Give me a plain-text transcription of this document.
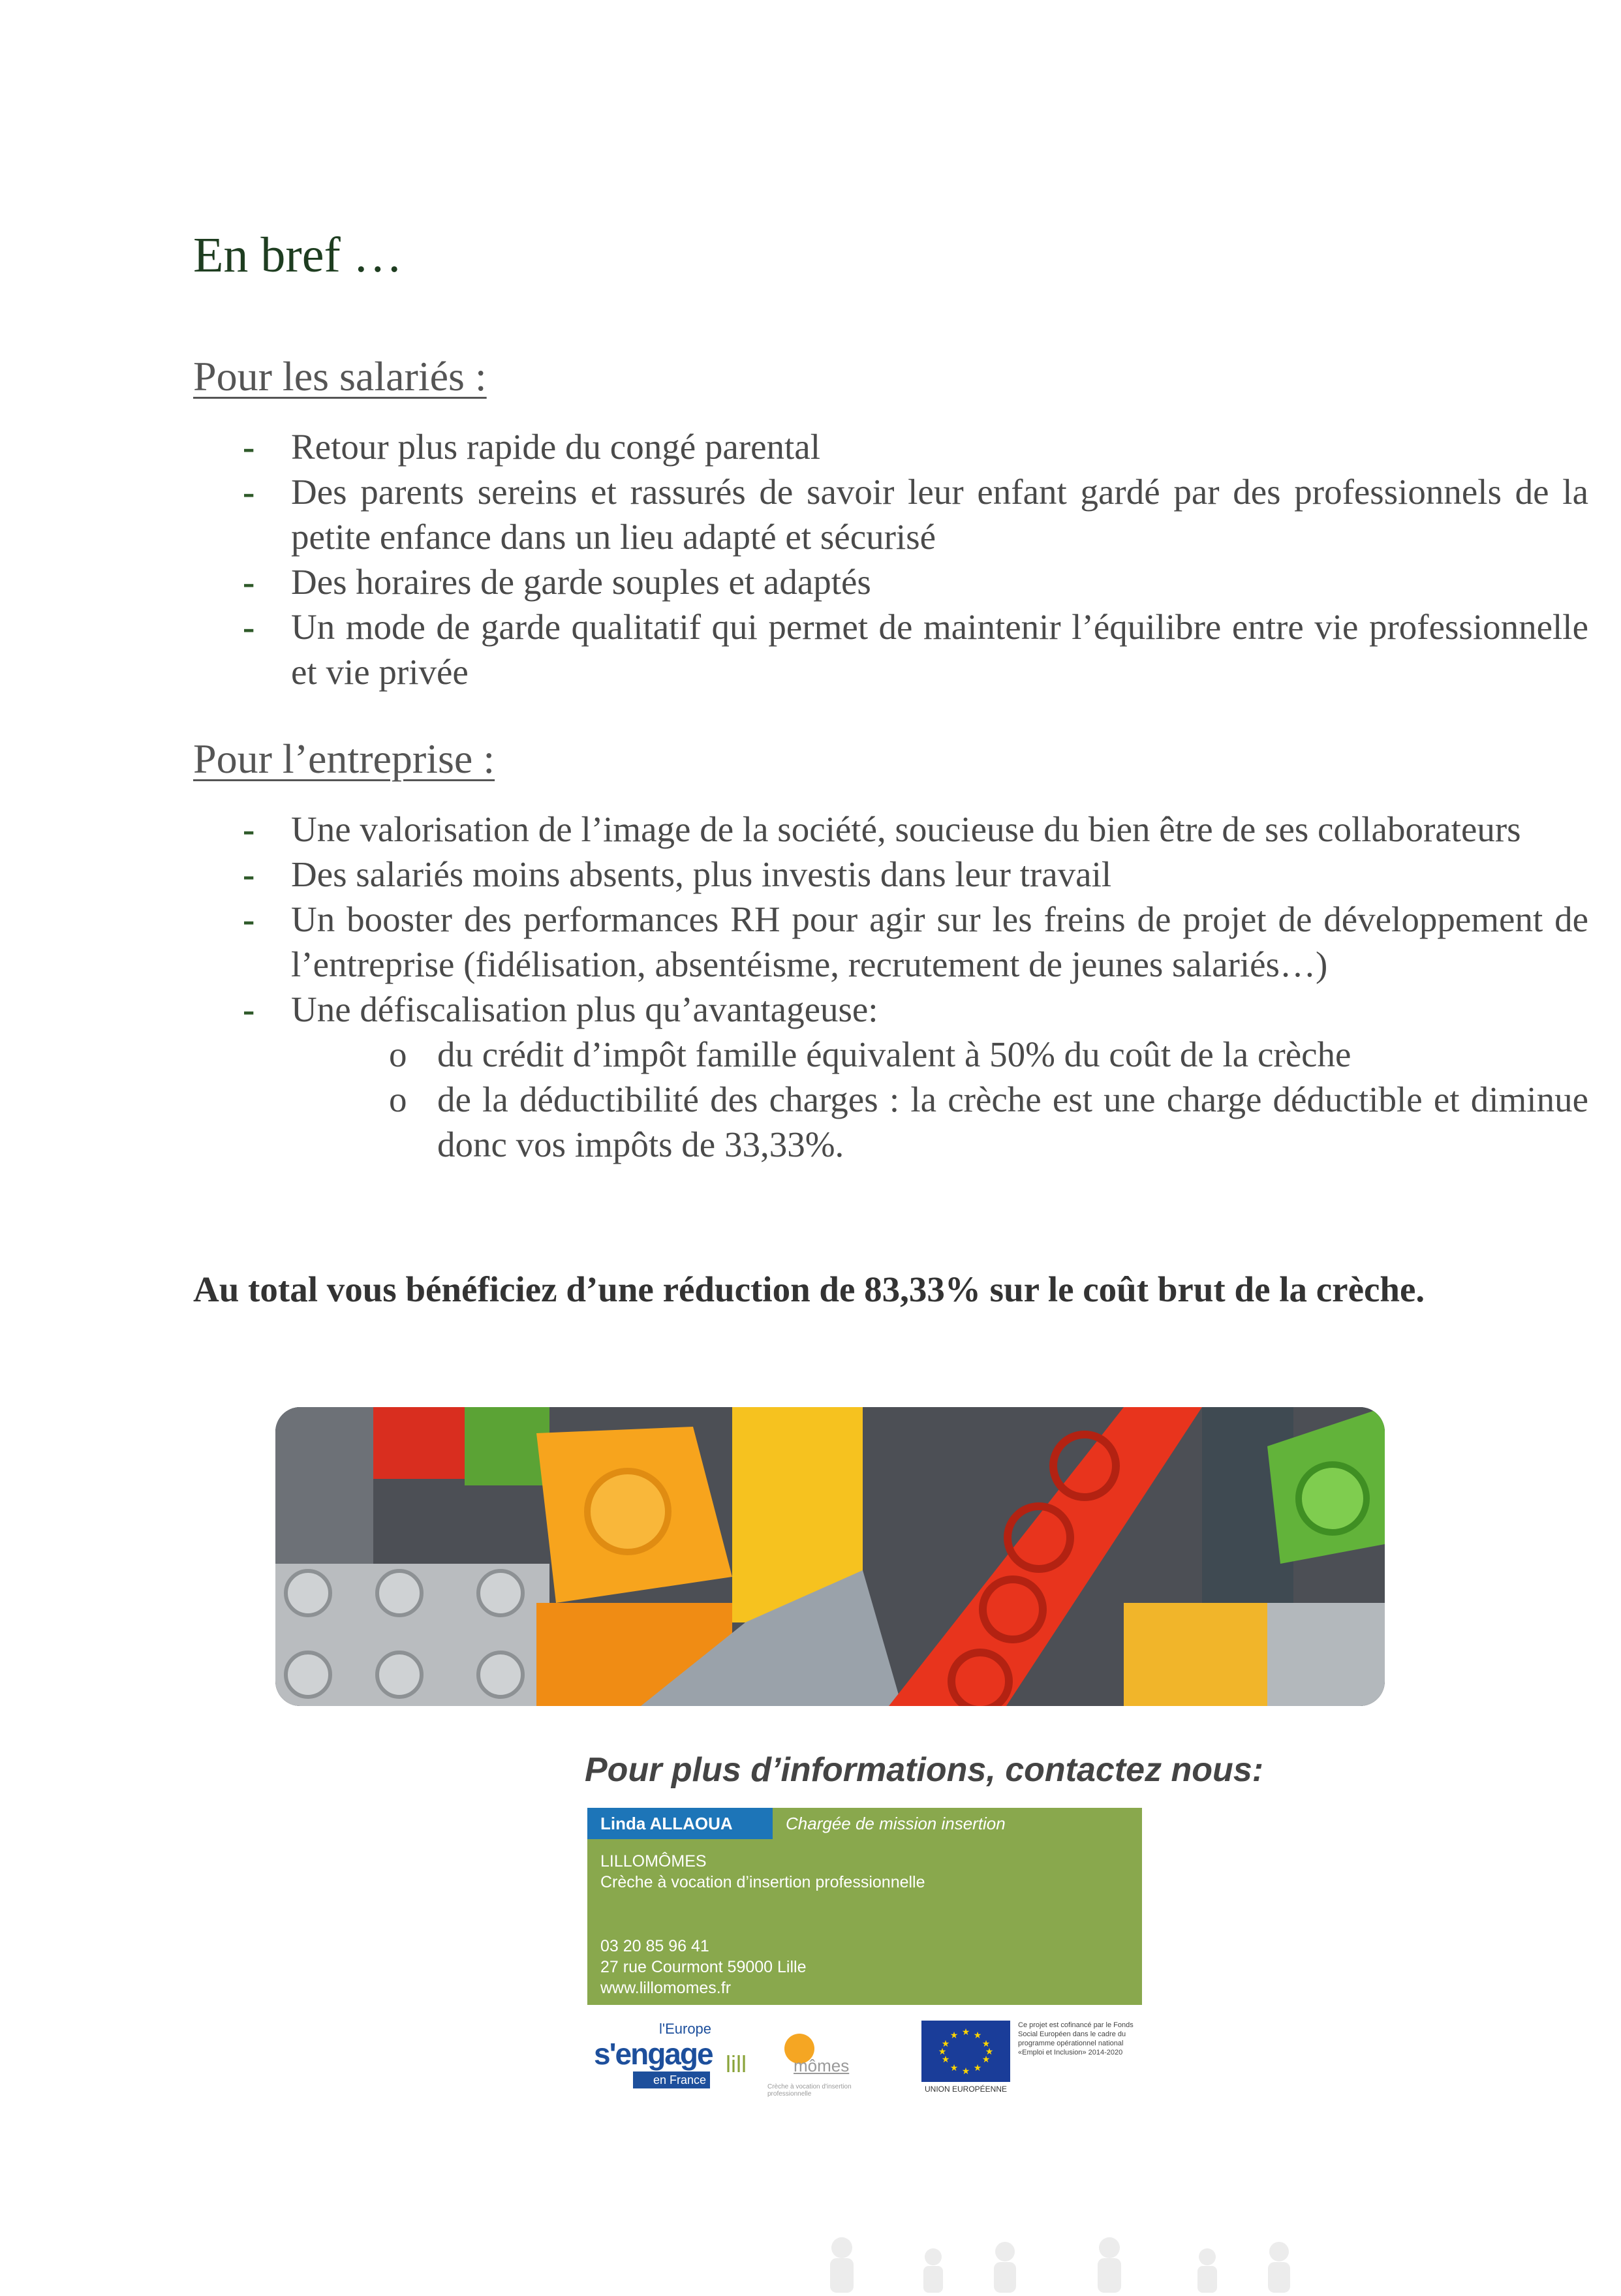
En bref …
Pour les salariés :
- Retour plus rapide du congé parental
- Des parents sereins et rassurés de savoir leur enfant gardé par des professionnels de la petite enfance dans un lieu adapté et sécurisé
- Des horaires de garde souples et adaptés
- Un mode de garde qualitatif qui permet de maintenir l’équilibre entre vie professionnelle et vie privée
Pour l’entreprise :
- Une valorisation de l’image de la société, soucieuse du bien être de ses collaborateurs
- Des salariés moins absents, plus investis dans leur travail
- Un booster des performances RH pour agir sur les freins de projet de développement de l’entreprise (fidélisation, absentéisme, recrutement de jeunes salariés…)
- Une défiscalisation plus qu’avantageuse:
o du crédit d’impôt famille équivalent à 50% du coût de la crèche
o de la déductibilité des charges : la crèche est une charge déductible et diminue donc vos impôts de 33,33%.

Au total vous bénéficiez d’une réduction de 83,33% sur le coût brut de la crèche.

Pour plus d’informations, contactez nous:

Linda ALLAOUA	Chargée de mission insertion
LILLOMÔMES
Crèche à vocation d’insertion professionnelle
03 20 85 96 41
27 rue Courmont 59000 Lille
www.lillomomes.fr
l'Europe
s'engage
en France
lill	mômes
Crèche à vocation d'insertion professionnelle
★ ★
★
★
★
★
★
★
★
★
★
★
UNION EUROPÉENNE
Ce projet est cofinancé par le Fonds Social Européen dans le cadre du programme opérationnel national «Emploi et Inclusion» 2014-2020
